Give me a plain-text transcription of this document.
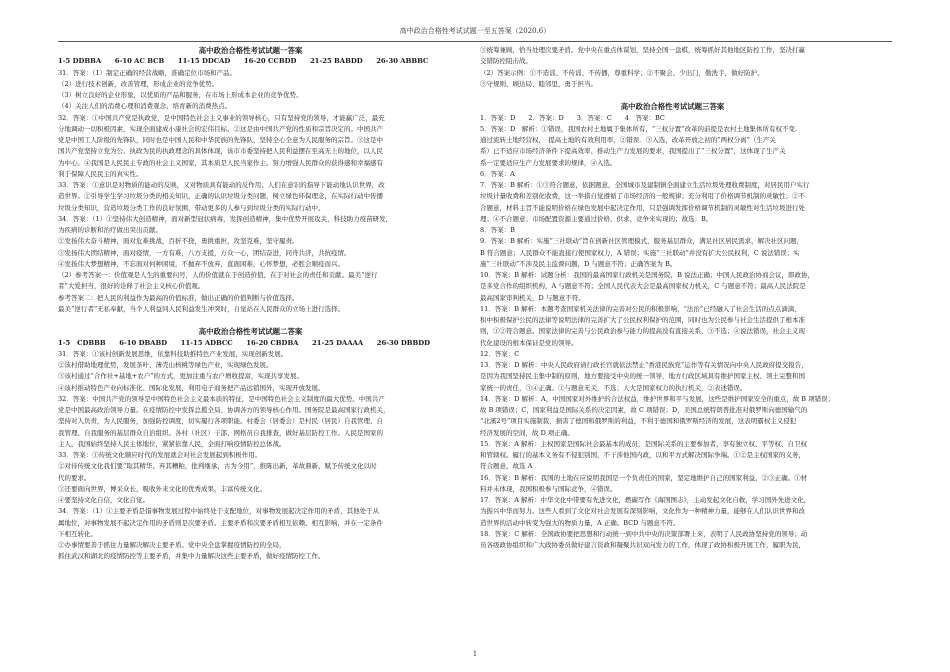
高中政治合格性考试试题一至五答案（2020.6）

高中政治合格性考试试题一答案

1-5 DDBBA　　6-10 AC BCB　　11-15 DDCAD　　16-20 CCBDD　　21-25 BABDD　　26-30 ABBBC

31．答案：（1）制定正确的经营战略，准确定位市场和产品。

（2）进行技术创新，改善管理，形成企业的竞争优势。

（3）树立良好的企业形象，以优质的产品和服务，在市场上形成本企业的竞争优势。

（4）关注人们的消费心理和消费观念，培育新的消费热点。

32．答案：①中国共产党是执政党，是中国特色社会主义事业的领导核心，只有坚持党的领导，才能赢广泛，最充

分地调动一切积极因素，实现全面建成小康社会的宏伟目标。②这是由中国共产党的性质和宗旨决定的。中国共产

党是中国工人阶级的先锋队，同时也是中国人民和中华民族的先锋队，坚持全心全意为人民服务的宗旨。③这是中

国共产党坚持立党为公、执政为民的执政理念的具体体现，该市市委坚持把人民利益摆在至高无上的地位，以人民

为中心。④我国是人民民主专政的社会主义国家，其本质是人民当家作主。努力增强人民群众的获得感和幸福感有

利于保障人民民主的真实性。

33．答案：①意识是对物质的能动的反映，又对物质具有能动的反作用；人们在意识的指导下能动地认识世界，改

造世界。②引导学生学习垃圾分类的相关知识，正确的认识垃圾分类问题，树立绿色环保理念，在实际行动中传播

垃圾分类知识，营造垃圾分类工作的良好氛围，带动更多的人参与到垃圾分类的实际行动中。

34．答案：（1）①坚持伟大创造精神，面对新型冠状病毒，发挥创造精神，集中优势开展攻关，科技助力疫苗研发，

为疾病的诊断和治疗做出突出贡献。

②发扬伟大奋斗精神，面对危难挑战，百折不挠，勇挑重担，攻坚克难，坚守履责。

③发扬伟大团结精神，面对疫情，一方有难，八方支援，万众一心，团结奋进，同舟共济，共抗疫情。

④发扬伟大梦想精神，不忘面对何种困境，不抛弃不放弃，直面困难，心怀梦想，必胜会顺疫而兴。

（2）参考答案一：价值观是人生的重要问号，人的价值就在于创造价值，在于对社会的责任和贡献。最美“逆行

者”大爱担当，很好的诠释了社会主义核心价值观。

参考答案二：把人民的利益作为最高的价值标准，做出正确的价值判断与价值选择。

最美“逆行者”无私奉献，当个人利益同人民利益发生冲突时，自觉站在人民群众的立场上进行选择。

高中政治合格性考试试题二答案

1-5　CDBBB　　6-10 DBABD　　11-15 ADBCC　　16-20 CBDBA　　21-25 DAAAA　　26-30 DBBDD

31．答案：①该村创新发展思维，依靠科技助推特色产业发展，实现创新发展。

②该村借助地理优势，发展茶叶、薄壳山核桃等绿色产业，实现绿色发展。

③该村通过“合作社+基地+农户”的方式，更加注重与农户增收提富，实现共享发展。

④该村推动特色产业向标准化、国际化发展，利用电子商务把产品远销国外，实现开放发展。

32．答案：中国共产党的领导是中国特色社会主义最本质的特征，是中国特色社会主义制度的最大优势。中国共产

党是中国最高政治领导力量。在疫情防控中发挥总揽全局、协调各方的领导核心作用。国务院是最高国家行政机关，

坚持对人负责，为人民服务，加强防控调度，切实履行各项职能。村委会（居委会）是村民（居民）自我管理、自

我管理、自我服务的基层群众自治组织。各村（社区）干部、网格员自我排查，做好基层防控工作。人民是国家的

主人，我国始终坚持人民主体地位，紧紧依靠人民，全面打响疫情防控总体战。

33．答案：①传统文化顺应时代的发展就会对社会发展起到积极作用。

②对待传统文化我们要“取其精华、弃其糟粕，批判继承，古为今用”，推陈出新，革故鼎新，赋予传统文化以时

代的要求。

③还要面向世界，博采众长，吸收外来文化的优秀成果，丰富传统文化。

④要坚持文化自信，文化自觉。

34．答案：（1）①主要矛盾是指事物发展过程中始终处于支配地位，对事物发展起决定作用的矛盾，其他处于从

属地位，对事物发展不起决定作用的矛盾则是次要矛盾。主要矛盾和次要矛盾相互依赖、相互影响，并在一定条件

下相互转化。

②办事情要善于抓住力量解决解决主要矛盾。党中央全盘掌握疫情防控的全局，

抓住武汉和湖北的疫情防控等主要矛盾，并集中力量解决这些主要矛盾，做好疫情防控工作。

③统筹兼顾，恰当处理次要矛盾。党中央在重点体谋划，坚持全国一盘棋，统筹抓好其他地区防控工作，坚决打赢

交错防控阻击战。

（2）答案示例：①不造谣、不传谣、不传播，尊重科学；②不聚会、少出门，勤洗手，做好防护。

③守规则、顾达局、睦邻里，勇于担当。

高中政治合格性考试试题三答案

1．答案：D　　2．答案：D　　3．答案：C　　4．答案：BC

5．答案：D　解析：①错误，我国农村土地属于集体所有，“三权分置”改革的前提是农村土地集体所有权不变.

通过流转土地经营权，　提高土地的有效利用率，②错误．③入选，改革开放之初的“两权分离”（生产关

系）已不适应市场经济条件下提高效率、推动生产力发展的要求，我国提出了“三权分置”，这体现了生产关

系一定要适应生产力发展要求的规律，④入选。

6．答案：A

7．答案：B 解析：①③符合题意，依据题意，全国城市及建制镇全面建立生活垃圾处理收费制度，对居民用户实行

垃圾计量收费和差别化收费，这一举措自觉遵循了市场经济的一般规律；充分利用了价格调节机制的灵敏性；②不

合题意，材料主旨不能说明价格在绿色发展中起决定作用，只是强调发挥价格调节机制的灵敏性对生活垃圾进行处

理；④不合题意；市场配置资源主要通过价格、供求、竞争来实现的；故选：B。

8．答案：B

9．答案：B 解析：实施“三社联动”旨在创新社区管理模式，服务基层群众，满足社区居民需求，解决社区问题，

B 符合题意；人民群众不能直接行使国家权力，A 错误；实施“三社联动”并没有扩大公民权利，C 说法错误；实

施“三社联动”不涉及民主监督问题，D 与题意不符；正确答案为 B。

10．答案：B 解析：试题分析：我国的最高国家行政机关是国务院，B 说法正确；中国人民政治协商会议，即政协，

是多党合作的组织机构，A 与题意不符；全国人民代表大会是最高国家权力机关，C 与题意不符；最高人民法院是

最高国家审判机关，D 与题意不符。

11．答案：B 解析：本题考查国家机关法律的完善对公民的积极影响，“法治”已经融入了社会生活的点点滴滴，

积中积极保护公民的法律等说明法律的完善扩大了公民权利保护的范围，同时也为公民参与社会生活提供了根本准

则，①②符合题意。国家法律的完善与公民政治参与能力的提高没有直接关系，③不选；④说法错误，社会主义现

代化建设的根本保证是党的领导。

12．答案：C

13．答案：D 解析：中央人民政府请行政长官就依法禁止“香港民族党”运作等有关情况向中央人民政府提交报告，

是因为我国坚持民主集中制的原则，地方要接受中央的统一领导，地方行政区域具有维护国家主权、领土完整和国

家统一的责任，③④正确。①与题意无关，不选；人大是国家权力的执行机关，②表述错误。

14．答案：D 解析：A，中国国家对外维护的合法权益，维护世界和平与发展，这些是维护国家安全的重点，故 B 项错误；

故 B 项错误；C，国家利益是国际关系的决定因素，故 C 项错误；D，美国总统特朗普批准对俄罗斯向德国输气的

“北溪2号”项目实施制裁，损害了德国和俄罗斯的利益，不利于德国和俄罗斯经济的发展，这表明霸权主义侵犯

经济发展的空间，故 D 项正确。

15．答案：A 解析：主权国家是国际社会最基本的成员，是国际关系的主要参加者，享有独立权、平等权、自卫权

和管辖权。履行的基本义务有不侵犯别国，不干涉他国内政，以和平方式解决国际争端。①②是主权国家的义务，

符合题意，故选 A

16．答案：B 解析：我国的土地在应说明我国是一个负责任的国家，坚定地维护自己的国家利益，②③正确。①材

料并未体现，我国积极参与国际竞争，④错误。

17．答案：A 解析：中华文化中带要有先进文化，燃碳写作《海国图志》，主动发起文化自救，学习国外先进文化，

为振兴中华而努力。这些人看到了文化对社会发展有深刻影响，文化作为一种精神力量，能够在人们认识世界和改

造世界的活动中转变为强大的物质力量，A 正确。BCD 与题意不符。

18．答案：C 解析：全国政协要把思想和行动统一到中共中央的决策部署上来，表明了人民政协坚持党的领导；动

员各级政协组织和广大政协委员做好建言资政和凝聚共识双向发力的工作，体现了政协积极开展工作，履职为民，

1
